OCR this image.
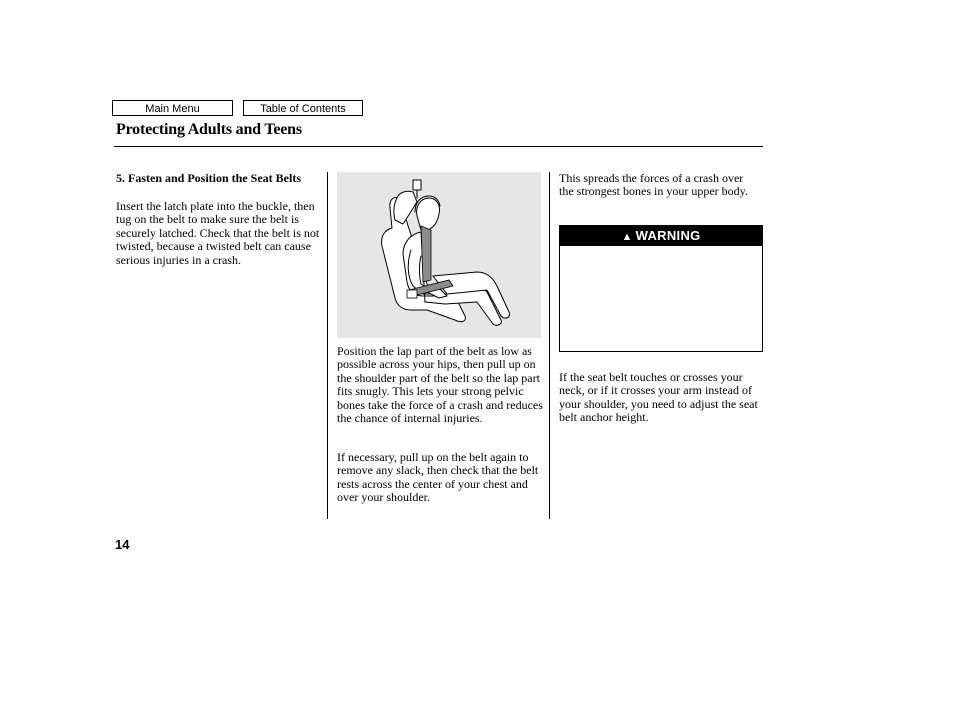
Main Menu	Table of Contents
Protecting Adults and Teens
5. Fasten and Position the Seat Belts
Insert the latch plate into the buckle, then tug on the belt to make sure the belt is securely latched. Check that the belt is not twisted, because a twisted belt can cause serious injuries in a crash.
Position the lap part of the belt as low as possible across your hips, then pull up on the shoulder part of the belt so the lap part fits snugly. This lets your strong pelvic bones take the force of a crash and reduces the chance of internal injuries.
If necessary, pull up on the belt again to remove any slack, then check that the belt rests across the center of your chest and over your shoulder.
This spreads the forces of a crash over the strongest bones in your upper body.
▲ WARNING
If the seat belt touches or crosses your neck, or if it crosses your arm instead of your shoulder, you need to adjust the seat belt anchor height.
14
